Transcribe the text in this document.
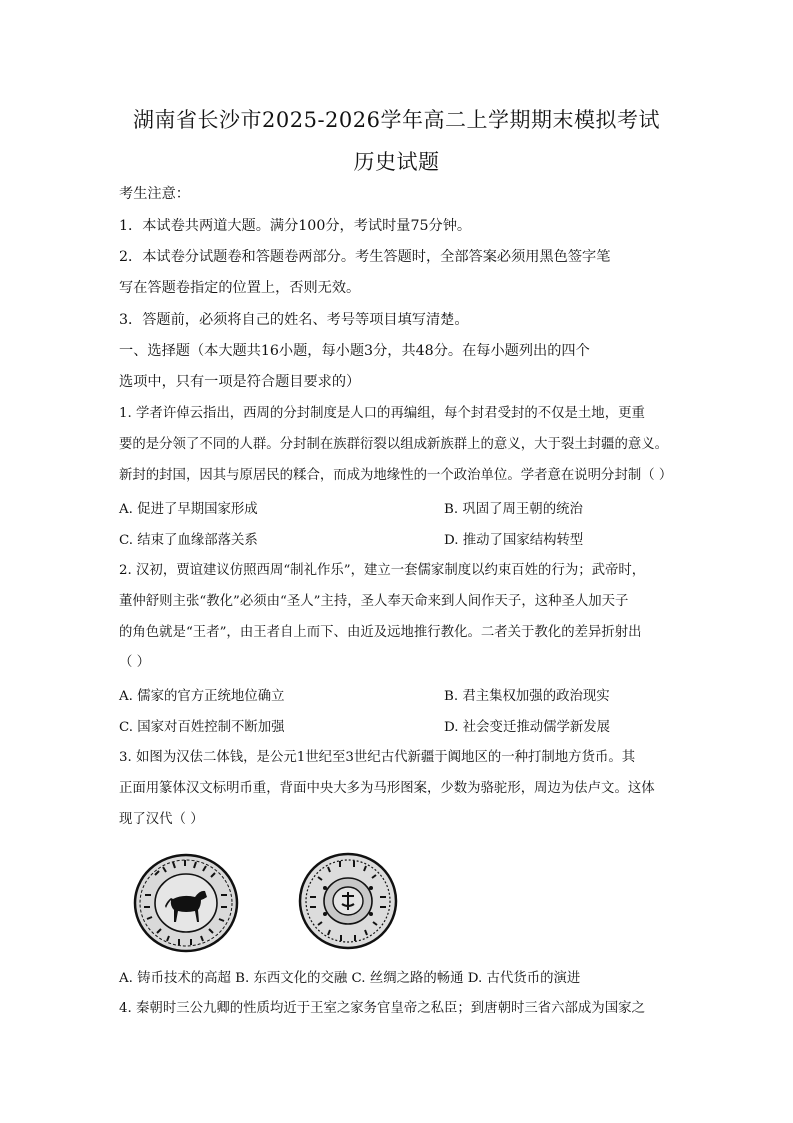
湖南省长沙市2025-2026学年高二上学期期末模拟考试
历史试题
考生注意：
1．本试卷共两道大题。满分100分，考试时量75分钟。
2．本试卷分试题卷和答题卷两部分。考生答题时，全部答案必须用黑色签字笔
写在答题卷指定的位置上，否则无效。
3．答题前，必须将自己的姓名、考号等项目填写清楚。
一、选择题（本大题共16小题，每小题3分，共48分。在每小题列出的四个
选项中，只有一项是符合题目要求的）
1. 学者许倬云指出，西周的分封制度是人口的再编组，每个封君受封的不仅是土地，更重
要的是分领了不同的人群。分封制在族群衍裂以组成新族群上的意义，大于裂土封疆的意义。
新封的封国，因其与原居民的糅合，而成为地缘性的一个政治单位。学者意在说明分封制（ ）
A. 促进了早期国家形成	B. 巩固了周王朝的统治
C. 结束了血缘部落关系	D. 推动了国家结构转型
2. 汉初，贾谊建议仿照西周“制礼作乐”，建立一套儒家制度以约束百姓的行为；武帝时，
董仲舒则主张“教化”必须由“圣人”主持，圣人奉天命来到人间作天子，这种圣人加天子
的角色就是“王者”，由王者自上而下、由近及远地推行教化。二者关于教化的差异折射出
（ ）
A. 儒家的官方正统地位确立	B. 君主集权加强的政治现实
C. 国家对百姓控制不断加强	D. 社会变迁推动儒学新发展
3. 如图为汉佉二体钱，是公元1世纪至3世纪古代新疆于阗地区的一种打制地方货币。其
正面用篆体汉文标明币重，背面中央大多为马形图案，少数为骆驼形，周边为佉卢文。这体
现了汉代（ ）
A. 铸币技术的高超 B. 东西文化的交融 C. 丝绸之路的畅通 D. 古代货币的演进
4. 秦朝时三公九卿的性质均近于王室之家务官皇帝之私臣；到唐朝时三省六部成为国家之
